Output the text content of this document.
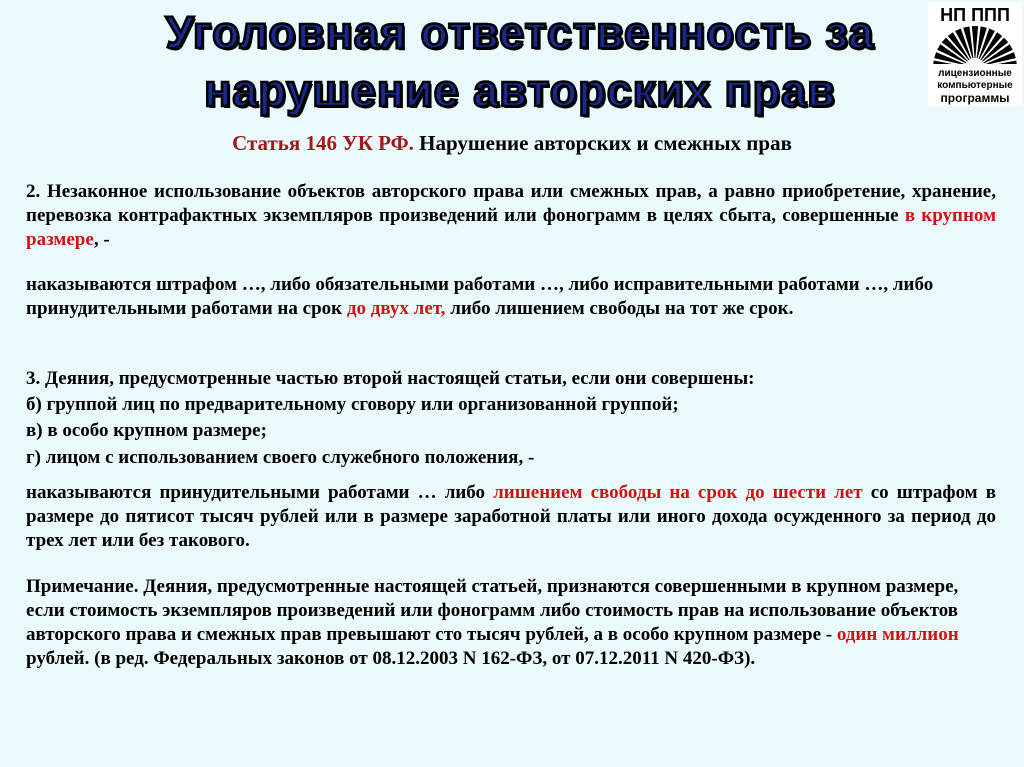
Уголовная ответственность за
нарушение авторских прав
НП ППП
лицензионные
компьютерные
программы
Статья 146 УК РФ. Нарушение авторских и смежных прав
2. Незаконное использование объектов авторского права или смежных прав, а равно приобретение, хранение, перевозка контрафактных экземпляров произведений или фонограмм в целях сбыта, совершенные в крупном размере, -
наказываются штрафом …, либо обязательными работами …, либо исправительными работами …, либо принудительными работами на срок до двух лет, либо лишением свободы на тот же срок.
3. Деяния, предусмотренные частью второй настоящей статьи, если они совершены:
б) группой лиц по предварительному сговору или организованной группой;
в) в особо крупном размере;
г) лицом с использованием своего служебного положения, -
наказываются принудительными работами … либо лишением свободы на срок до шести лет со штрафом в размере до пятисот тысяч рублей или в размере заработной платы или иного дохода осужденного за период до трех лет или без такового.
Примечание. Деяния, предусмотренные настоящей статьей, признаются совершенными в крупном размере, если стоимость экземпляров произведений или фонограмм либо стоимость прав на использование объектов авторского права и смежных прав превышают сто тысяч рублей, а в особо крупном размере - один миллион рублей. (в ред. Федеральных законов от 08.12.2003 N 162-ФЗ, от 07.12.2011 N 420-ФЗ).
